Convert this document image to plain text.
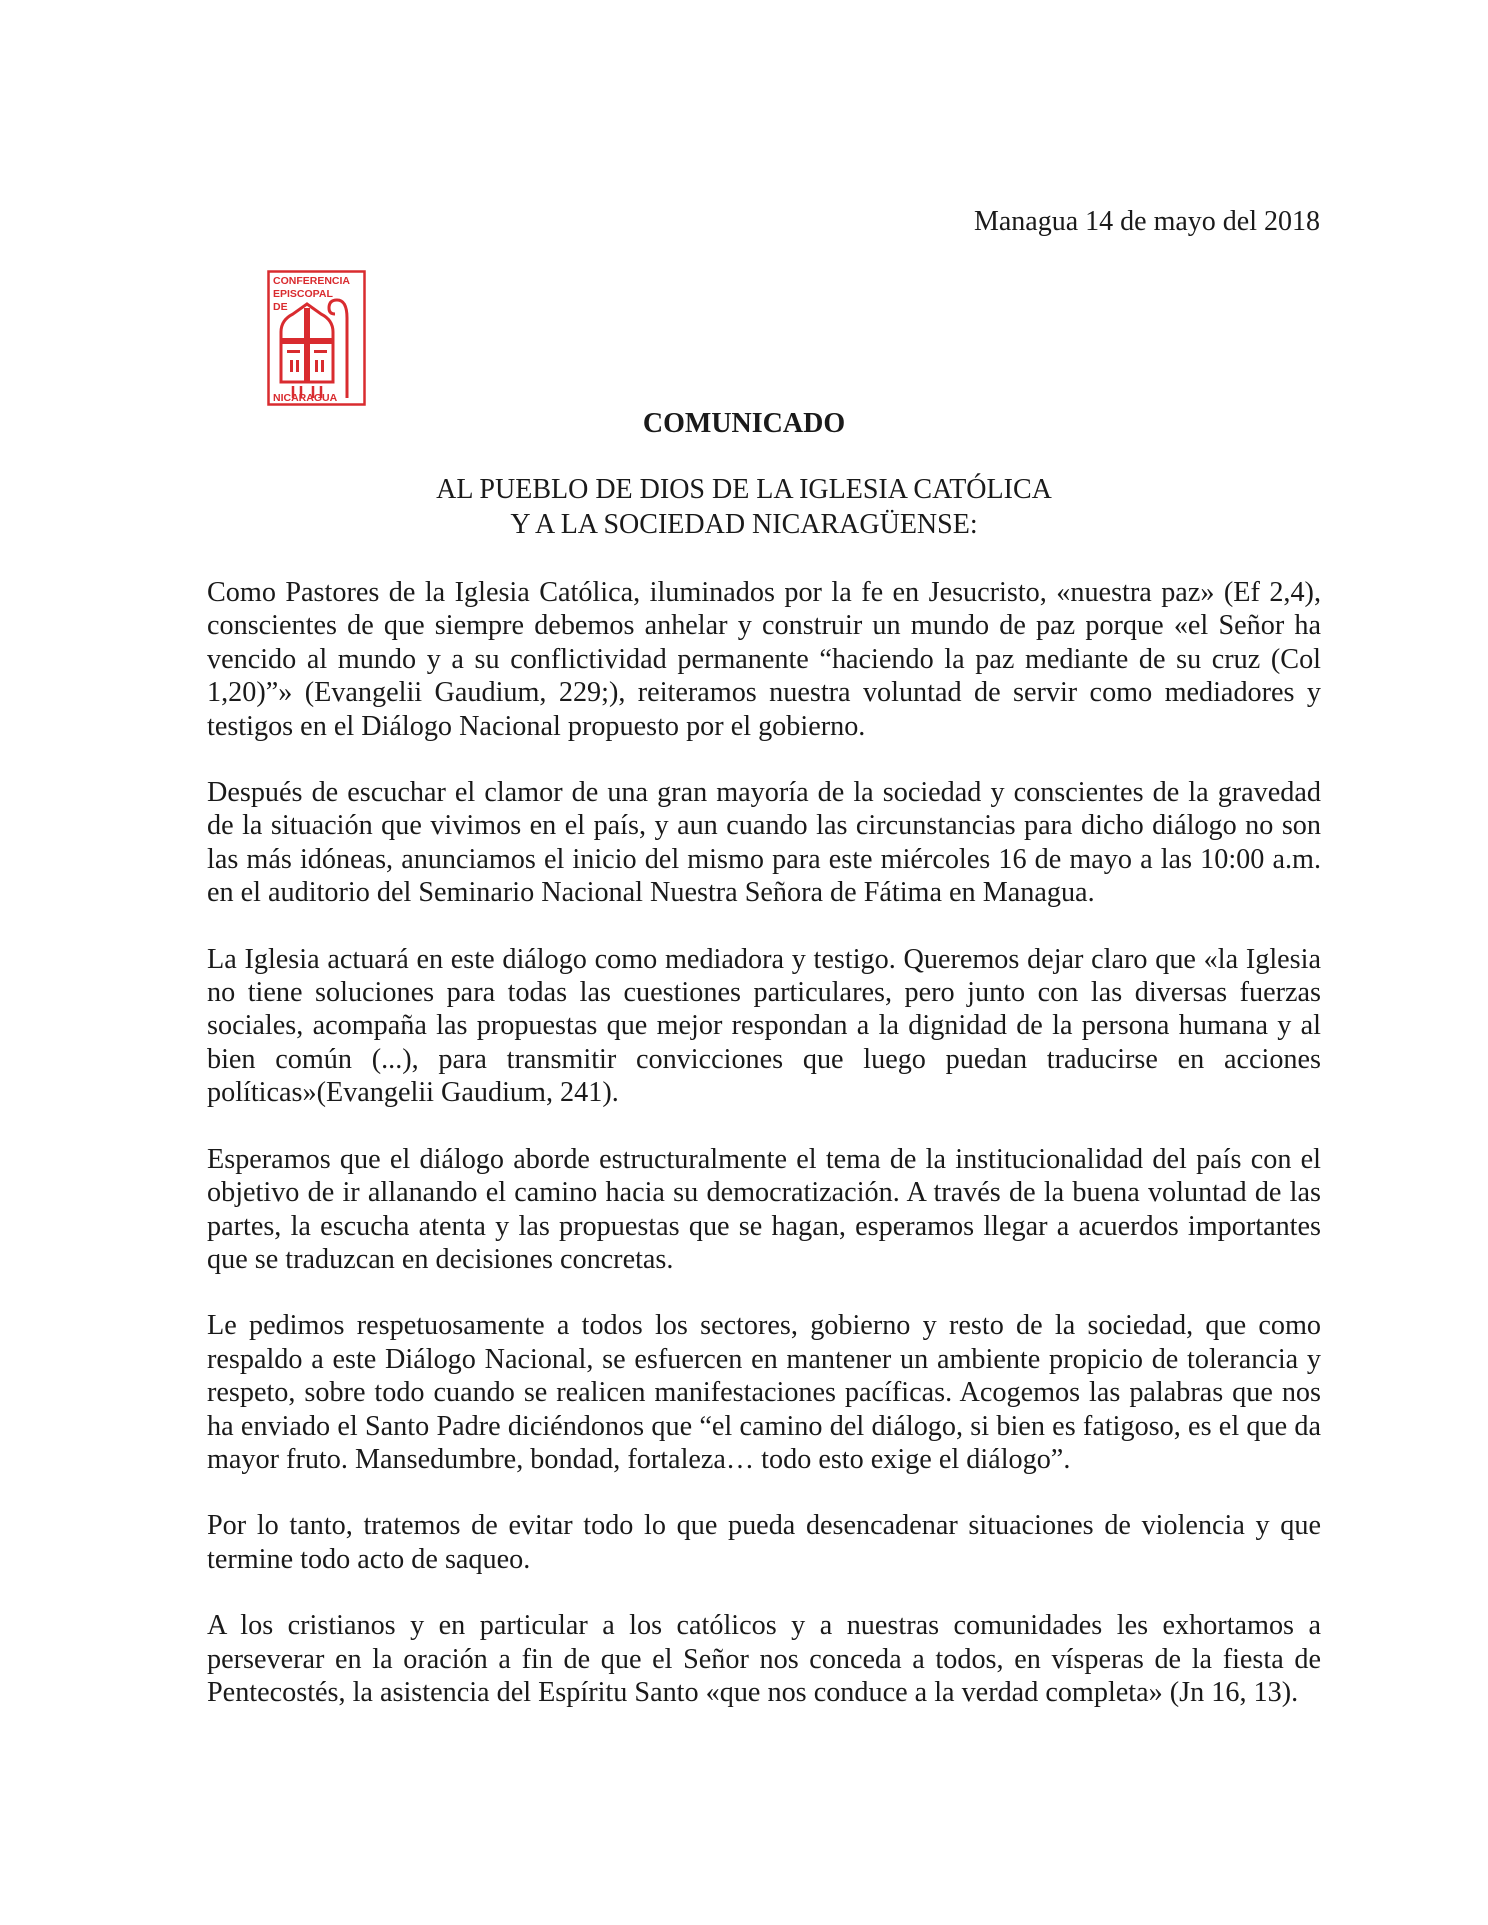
Managua 14 de mayo del 2018
CONFERENCIA
EPISCOPAL
DE
NICARAGUA
COMUNICADO
AL PUEBLO DE DIOS DE LA IGLESIA CATÓLICA
Y A LA SOCIEDAD NICARAGÜENSE:

Como Pastores de la Iglesia Católica, iluminados por la fe en Jesucristo, «nuestra paz» (Ef 2,4), conscientes de que siempre debemos anhelar y construir un mundo de paz porque «el Señor ha vencido al mundo y a su conflictividad permanente “haciendo la paz mediante de su cruz (Col 1,20)”» (Evangelii Gaudium, 229;), reiteramos nuestra voluntad de servir como mediadores y testigos en el Diálogo Nacional propuesto por el gobierno.

Después de escuchar el clamor de una gran mayoría de la sociedad y conscientes de la gravedad de la situación que vivimos en el país, y aun cuando las circunstancias para dicho diálogo no son las más idóneas, anunciamos el inicio del mismo para este miércoles 16 de mayo a las 10:00 a.m. en el auditorio del Seminario Nacional Nuestra Señora de Fátima en Managua.

La Iglesia actuará en este diálogo como mediadora y testigo. Queremos dejar claro que «la Iglesia no tiene soluciones para todas las cuestiones particulares, pero junto con las diversas fuerzas sociales, acompaña las propuestas que mejor respondan a la dignidad de la persona humana y al bien común (...), para transmitir convicciones que luego puedan traducirse en acciones políticas»(Evangelii Gaudium, 241).

Esperamos que el diálogo aborde estructuralmente el tema de la institucionalidad del país con el objetivo de ir allanando el camino hacia su democratización. A través de la buena voluntad de las partes, la escucha atenta y las propuestas que se hagan, esperamos llegar a acuerdos importantes que se traduzcan en decisiones concretas.

Le pedimos respetuosamente a todos los sectores, gobierno y resto de la sociedad, que como respaldo a este Diálogo Nacional, se esfuercen en mantener un ambiente propicio de tolerancia y respeto, sobre todo cuando se realicen manifestaciones pacíficas. Acogemos las palabras que nos ha enviado el Santo Padre diciéndonos que “el camino del diálogo, si bien es fatigoso, es el que da mayor fruto. Mansedumbre, bondad, fortaleza… todo esto exige el diálogo”.

Por lo tanto, tratemos de evitar todo lo que pueda desencadenar situaciones de violencia y que termine todo acto de saqueo.

A los cristianos y en particular a los católicos y a nuestras comunidades les exhortamos a perseverar en la oración a fin de que el Señor nos conceda a todos, en vísperas de la fiesta de Pentecostés, la asistencia del Espíritu Santo «que nos conduce a la verdad completa» (Jn 16, 13).
